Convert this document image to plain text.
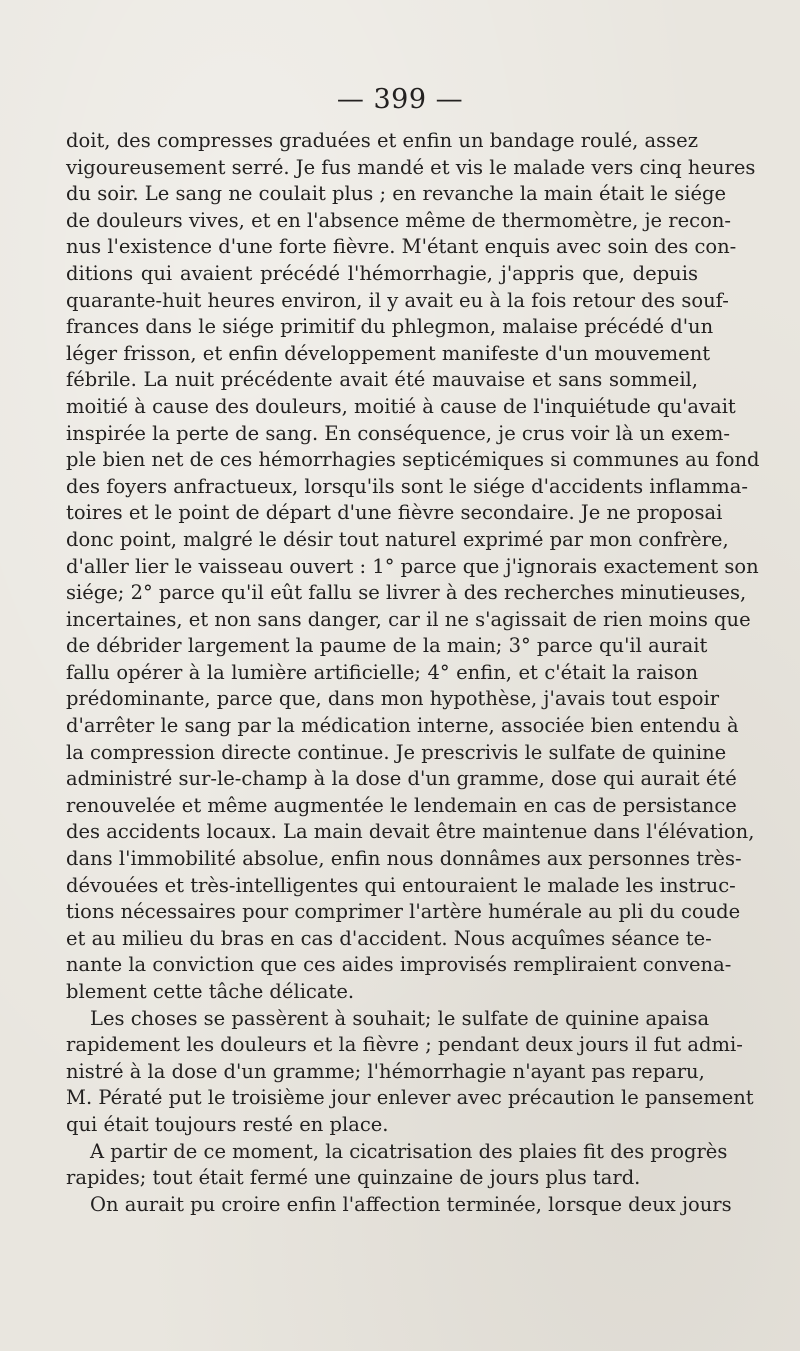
— 399 —
doit, des compresses graduées et enfin un bandage roulé, assez
vigoureusement serré. Je fus mandé et vis le malade vers cinq heures
du soir. Le sang ne coulait plus ; en revanche la main était le siége
de douleurs vives, et en l'absence même de thermomètre, je recon-
nus l'existence d'une forte fièvre. M'étant enquis avec soin des con-
ditions qui avaient précédé l'hémorrhagie, j'appris que, depuis
quarante-huit heures environ, il y avait eu à la fois retour des souf-
frances dans le siége primitif du phlegmon, malaise précédé d'un
léger frisson, et enfin développement manifeste d'un mouvement
fébrile. La nuit précédente avait été mauvaise et sans sommeil,
moitié à cause des douleurs, moitié à cause de l'inquiétude qu'avait
inspirée la perte de sang. En conséquence, je crus voir là un exem-
ple bien net de ces hémorrhagies septicémiques si communes au fond
des foyers anfractueux, lorsqu'ils sont le siége d'accidents inflamma-
toires et le point de départ d'une fièvre secondaire. Je ne proposai
donc point, malgré le désir tout naturel exprimé par mon confrère,
d'aller lier le vaisseau ouvert : 1° parce que j'ignorais exactement son
siége; 2° parce qu'il eût fallu se livrer à des recherches minutieuses,
incertaines, et non sans danger, car il ne s'agissait de rien moins que
de débrider largement la paume de la main; 3° parce qu'il aurait
fallu opérer à la lumière artificielle; 4° enfin, et c'était la raison
prédominante, parce que, dans mon hypothèse, j'avais tout espoir
d'arrêter le sang par la médication interne, associée bien entendu à
la compression directe continue. Je prescrivis le sulfate de quinine
administré sur-le-champ à la dose d'un gramme, dose qui aurait été
renouvelée et même augmentée le lendemain en cas de persistance
des accidents locaux. La main devait être maintenue dans l'élévation,
dans l'immobilité absolue, enfin nous donnâmes aux personnes très-
dévouées et très-intelligentes qui entouraient le malade les instruc-
tions nécessaires pour comprimer l'artère humérale au pli du coude
et au milieu du bras en cas d'accident. Nous acquîmes séance te-
nante la conviction que ces aides improvisés rempliraient convena-
blement cette tâche délicate.
Les choses se passèrent à souhait; le sulfate de quinine apaisa
rapidement les douleurs et la fièvre ; pendant deux jours il fut admi-
nistré à la dose d'un gramme; l'hémorrhagie n'ayant pas reparu,
M. Pératé put le troisième jour enlever avec précaution le pansement
qui était toujours resté en place.
A partir de ce moment, la cicatrisation des plaies fit des progrès
rapides; tout était fermé une quinzaine de jours plus tard.
On aurait pu croire enfin l'affection terminée, lorsque deux jours
